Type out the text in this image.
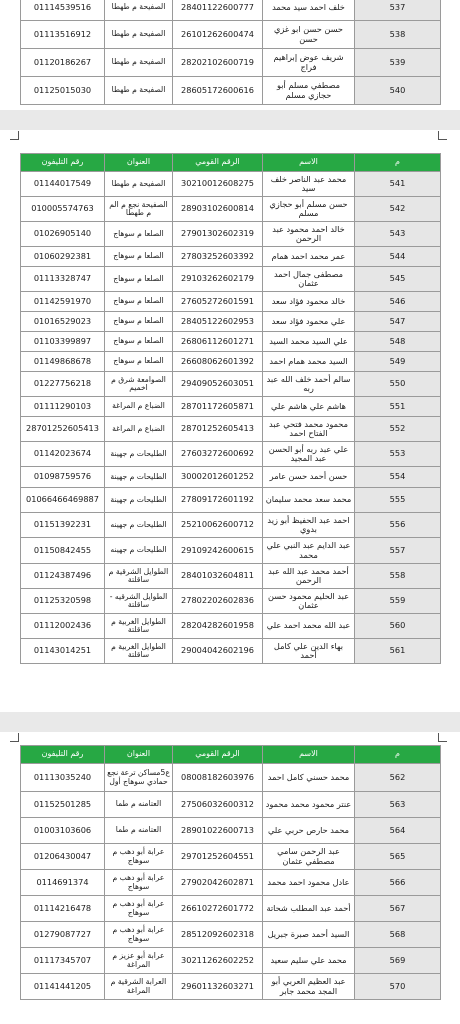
01114539516	الصفيحة م طهطا	28401122600777	خلف احمد سيد محمد	537
01113516912	الصفيحة م طهطا	26101262600474	حسن حسن ابو غزي حسن	538
01120186267	الصفيحة م طهطا	28202102600719	شريف عوض إبراهيم فراج	539
01125015030	الصفيحة م طهطا	28605172600616	مصطفي مسلم أبو حجازي مسلم	540
رقم التليفون	العنوان	الرقم القومي	الاسم	م
01144017549	الصفيحة م طهطا	30210012608275	محمد عبد الناصر خلف سيد	541
010005574763	الصفيحة نجع م الم م طهطا	28903102600814	حسن مسلم أبو حجازي مسلم	542
01026905140	الصلعا م سوهاج	27901302602319	خالد احمد محمود عبد الرحمن	543
01060292381	الصلعا م سوهاج	27803252603392	عمر محمد احمد همام	544
01113328747	الصلعا م سوهاج	29103262602179	مصطفى جمال احمد عثمان	545
01142591970	الصلعا م سوهاج	27605272601591	خالد محمود فؤاد سعد	546
01016529023	الصلعا م سوهاج	28405122602953	علي محمود فؤاد سعد	547
01103399897	الصلعا م سوهاج	26806112601271	علي السيد محمد السيد	548
01149868678	الصلعا م سوهاج	26608062601392	السيد محمد همام احمد	549
01227756218	الصوامعة شرق م اخميم	29409052603051	سالم أحمد خلف الله عبد ربه	550
01111290103	الضباع م المراغة	28701172605871	هاشم علي هاشم علي	551
28701252605413	الضباع م المراغة	28701252605413	محمود محمد فتحي عبد الفتاح احمد	552
01142023674	الطليحات م جهينة	27603272600692	علي عبد ربه أبو الحسن عبد المجيد	553
01098759576	الطليحات م جهينة	30002012601252	حسن أحمد حسن عامر	554
01066466469887	الطليحات م جهينة	27809172601192	محمد سعد محمد سليمان	555
01151392231	الطليحات م جهينه	25210062600712	احمد عبد الحفيظ أبو زيد بدوي	556
01150842455	الطليحات م جهينه	29109242600615	عبد الدايم عبد النبي علي محمد	557
01124387496	الطوايل الشرقية م ساقلتة	28401032604811	أحمد محمد عبد الله عبد الرحمن	558
01125320598	الطوايل الشرقيه - ساقلتة	27802202602836	عبد الحليم محمود حسن عثمان	559
01112002436	الطوايل الغربية م ساقلتة	28204282601958	عبد الله محمد احمد علي	560
01143014251	الطوايل الغربية م ساقلتة	29004042602196	بهاء الدين علي كامل أحمد	561
رقم التليفون	العنوان	الرقم القومي	الاسم	م
01113035240	ع5مساكن ترعة نجع حمادي سوهاج أول	08008182603976	محمد حسني كامل احمد	562
01152501285	العتامنه م طما	27506032600312	عنتر محمود محمد محمود	563
01003103606	العتامنه م طما	28901022600713	محمد حارص حربي علي	564
01206430047	عرابة أبو دهب م سوهاج	29701252604551	عبد الرحمن سامي مصطفي عثمان	565
0114691374	عرابة أبو دهب م سوهاج	27902042602871	عادل محمود احمد محمد	566
01114216478	عرابة أبو دهب م سوهاج	26610272601772	أحمد عبد المطلب شحاتة	567
01279087727	عرابة أبو دهب م سوهاج	28512092602318	السيد أحمد صبرة جبريل	568
01117345707	عرابة أبو عزيز م المراغة	30211262602252	محمد علي سليم سعيد	569
01141441205	العرابة الشرقية م المراغة	29601132603271	عبد العظيم العربي أبو المجد محمد جابر	570
